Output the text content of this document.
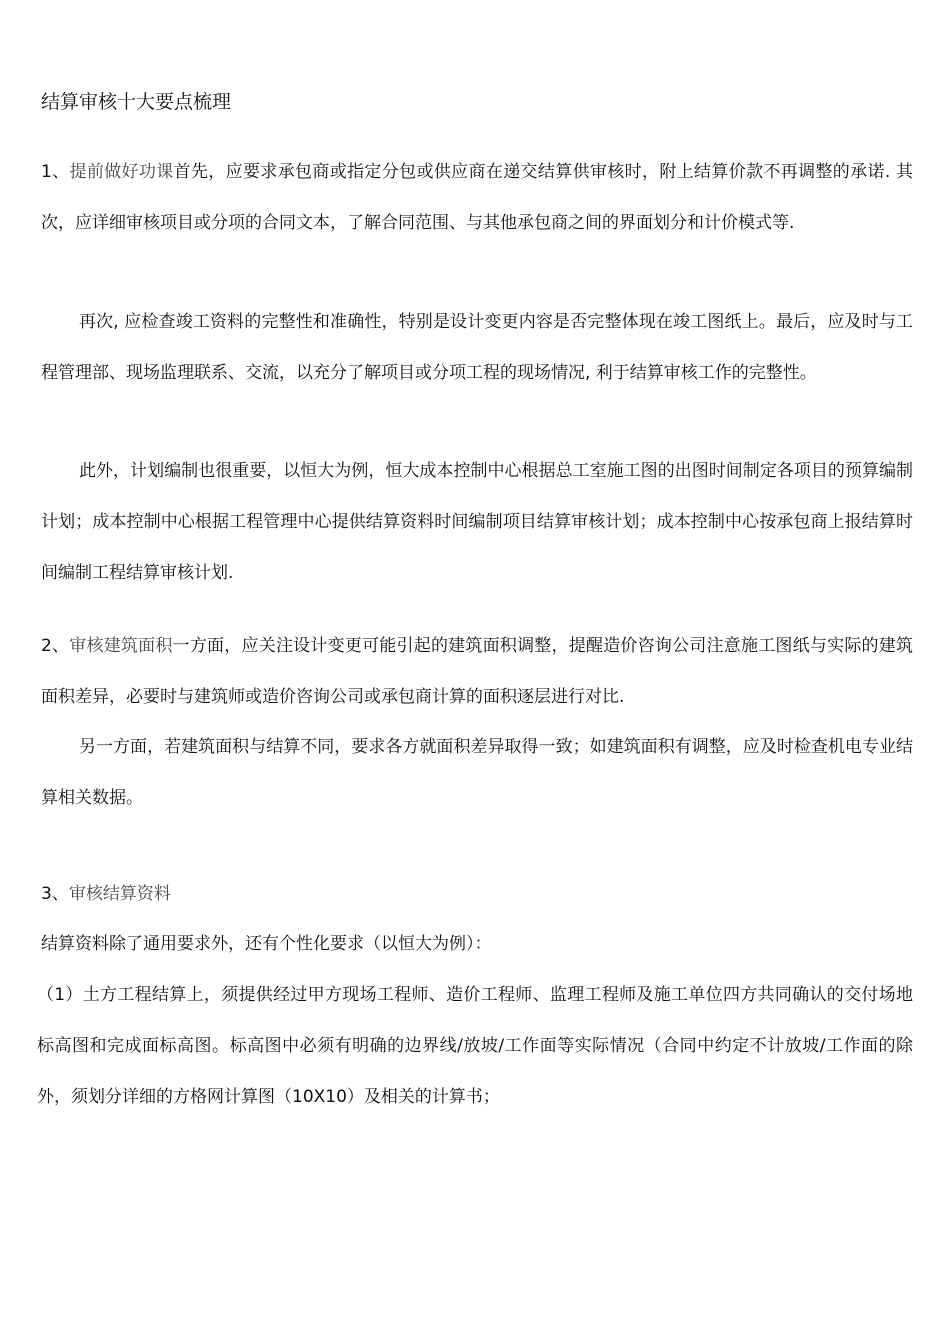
结算审核十大要点梳理

1、提前做好功课首先，应要求承包商或指定分包或供应商在递交结算供审核时，附上结算价款不再调整的承诺. 其次，应详细审核项目或分项的合同文本，了解合同范围、与其他承包商之间的界面划分和计价模式等.

再次, 应检查竣工资料的完整性和准确性，特别是设计变更内容是否完整体现在竣工图纸上。最后，应及时与工程管理部、现场监理联系、交流，以充分了解项目或分项工程的现场情况, 利于结算审核工作的完整性。

此外，计划编制也很重要，以恒大为例，恒大成本控制中心根据总工室施工图的出图时间制定各项目的预算编制计划；成本控制中心根据工程管理中心提供结算资料时间编制项目结算审核计划；成本控制中心按承包商上报结算时间编制工程结算审核计划.

2、审核建筑面积一方面，应关注设计变更可能引起的建筑面积调整，提醒造价咨询公司注意施工图纸与实际的建筑面积差异，必要时与建筑师或造价咨询公司或承包商计算的面积逐层进行对比.

另一方面，若建筑面积与结算不同，要求各方就面积差异取得一致；如建筑面积有调整，应及时检查机电专业结算相关数据。

3、审核结算资料
结算资料除了通用要求外，还有个性化要求（以恒大为例）：

（1）土方工程结算上，须提供经过甲方现场工程师、造价工程师、监理工程师及施工单位四方共同确认的交付场地标高图和完成面标高图。标高图中必须有明确的边界线/放坡/工作面等实际情况（合同中约定不计放坡/工作面的除外，须划分详细的方格网计算图（10X10）及相关的计算书；
